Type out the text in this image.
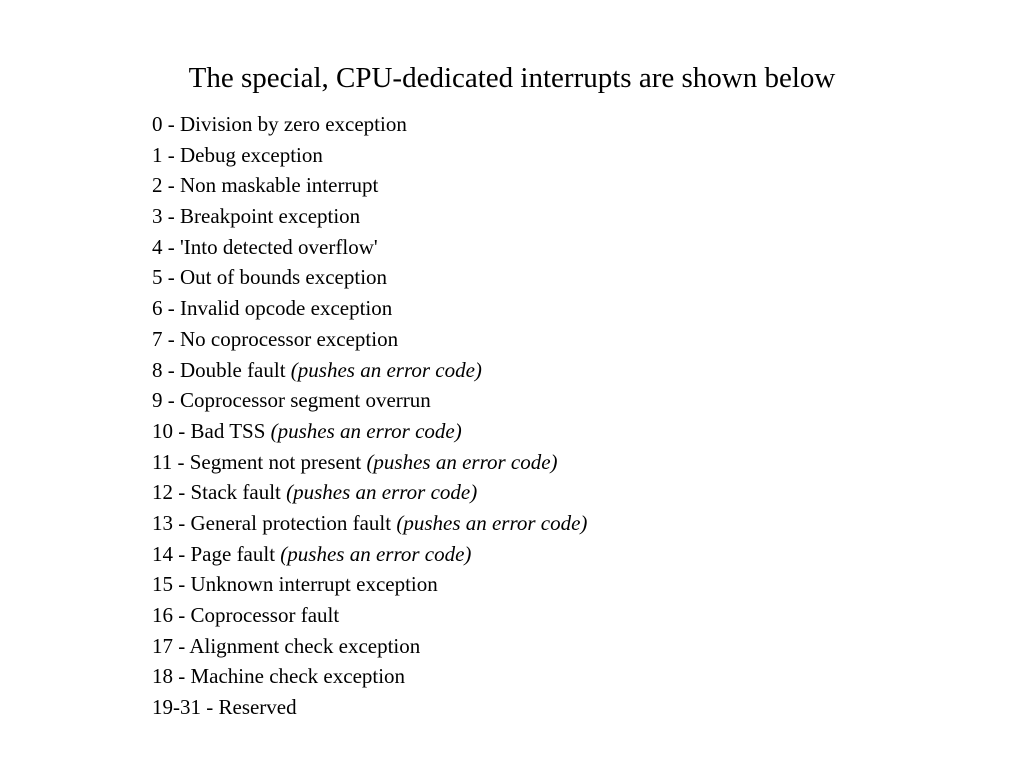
The special, CPU-dedicated interrupts are shown below
0 - Division by zero exception
1 - Debug exception
2 - Non maskable interrupt
3 - Breakpoint exception
4 - 'Into detected overflow'
5 - Out of bounds exception
6 - Invalid opcode exception
7 - No coprocessor exception
8 - Double fault (pushes an error code)
9 - Coprocessor segment overrun
10 - Bad TSS (pushes an error code)
11 - Segment not present (pushes an error code)
12 - Stack fault (pushes an error code)
13 - General protection fault (pushes an error code)
14 - Page fault (pushes an error code)
15 - Unknown interrupt exception
16 - Coprocessor fault
17 - Alignment check exception
18 - Machine check exception
19-31 - Reserved
